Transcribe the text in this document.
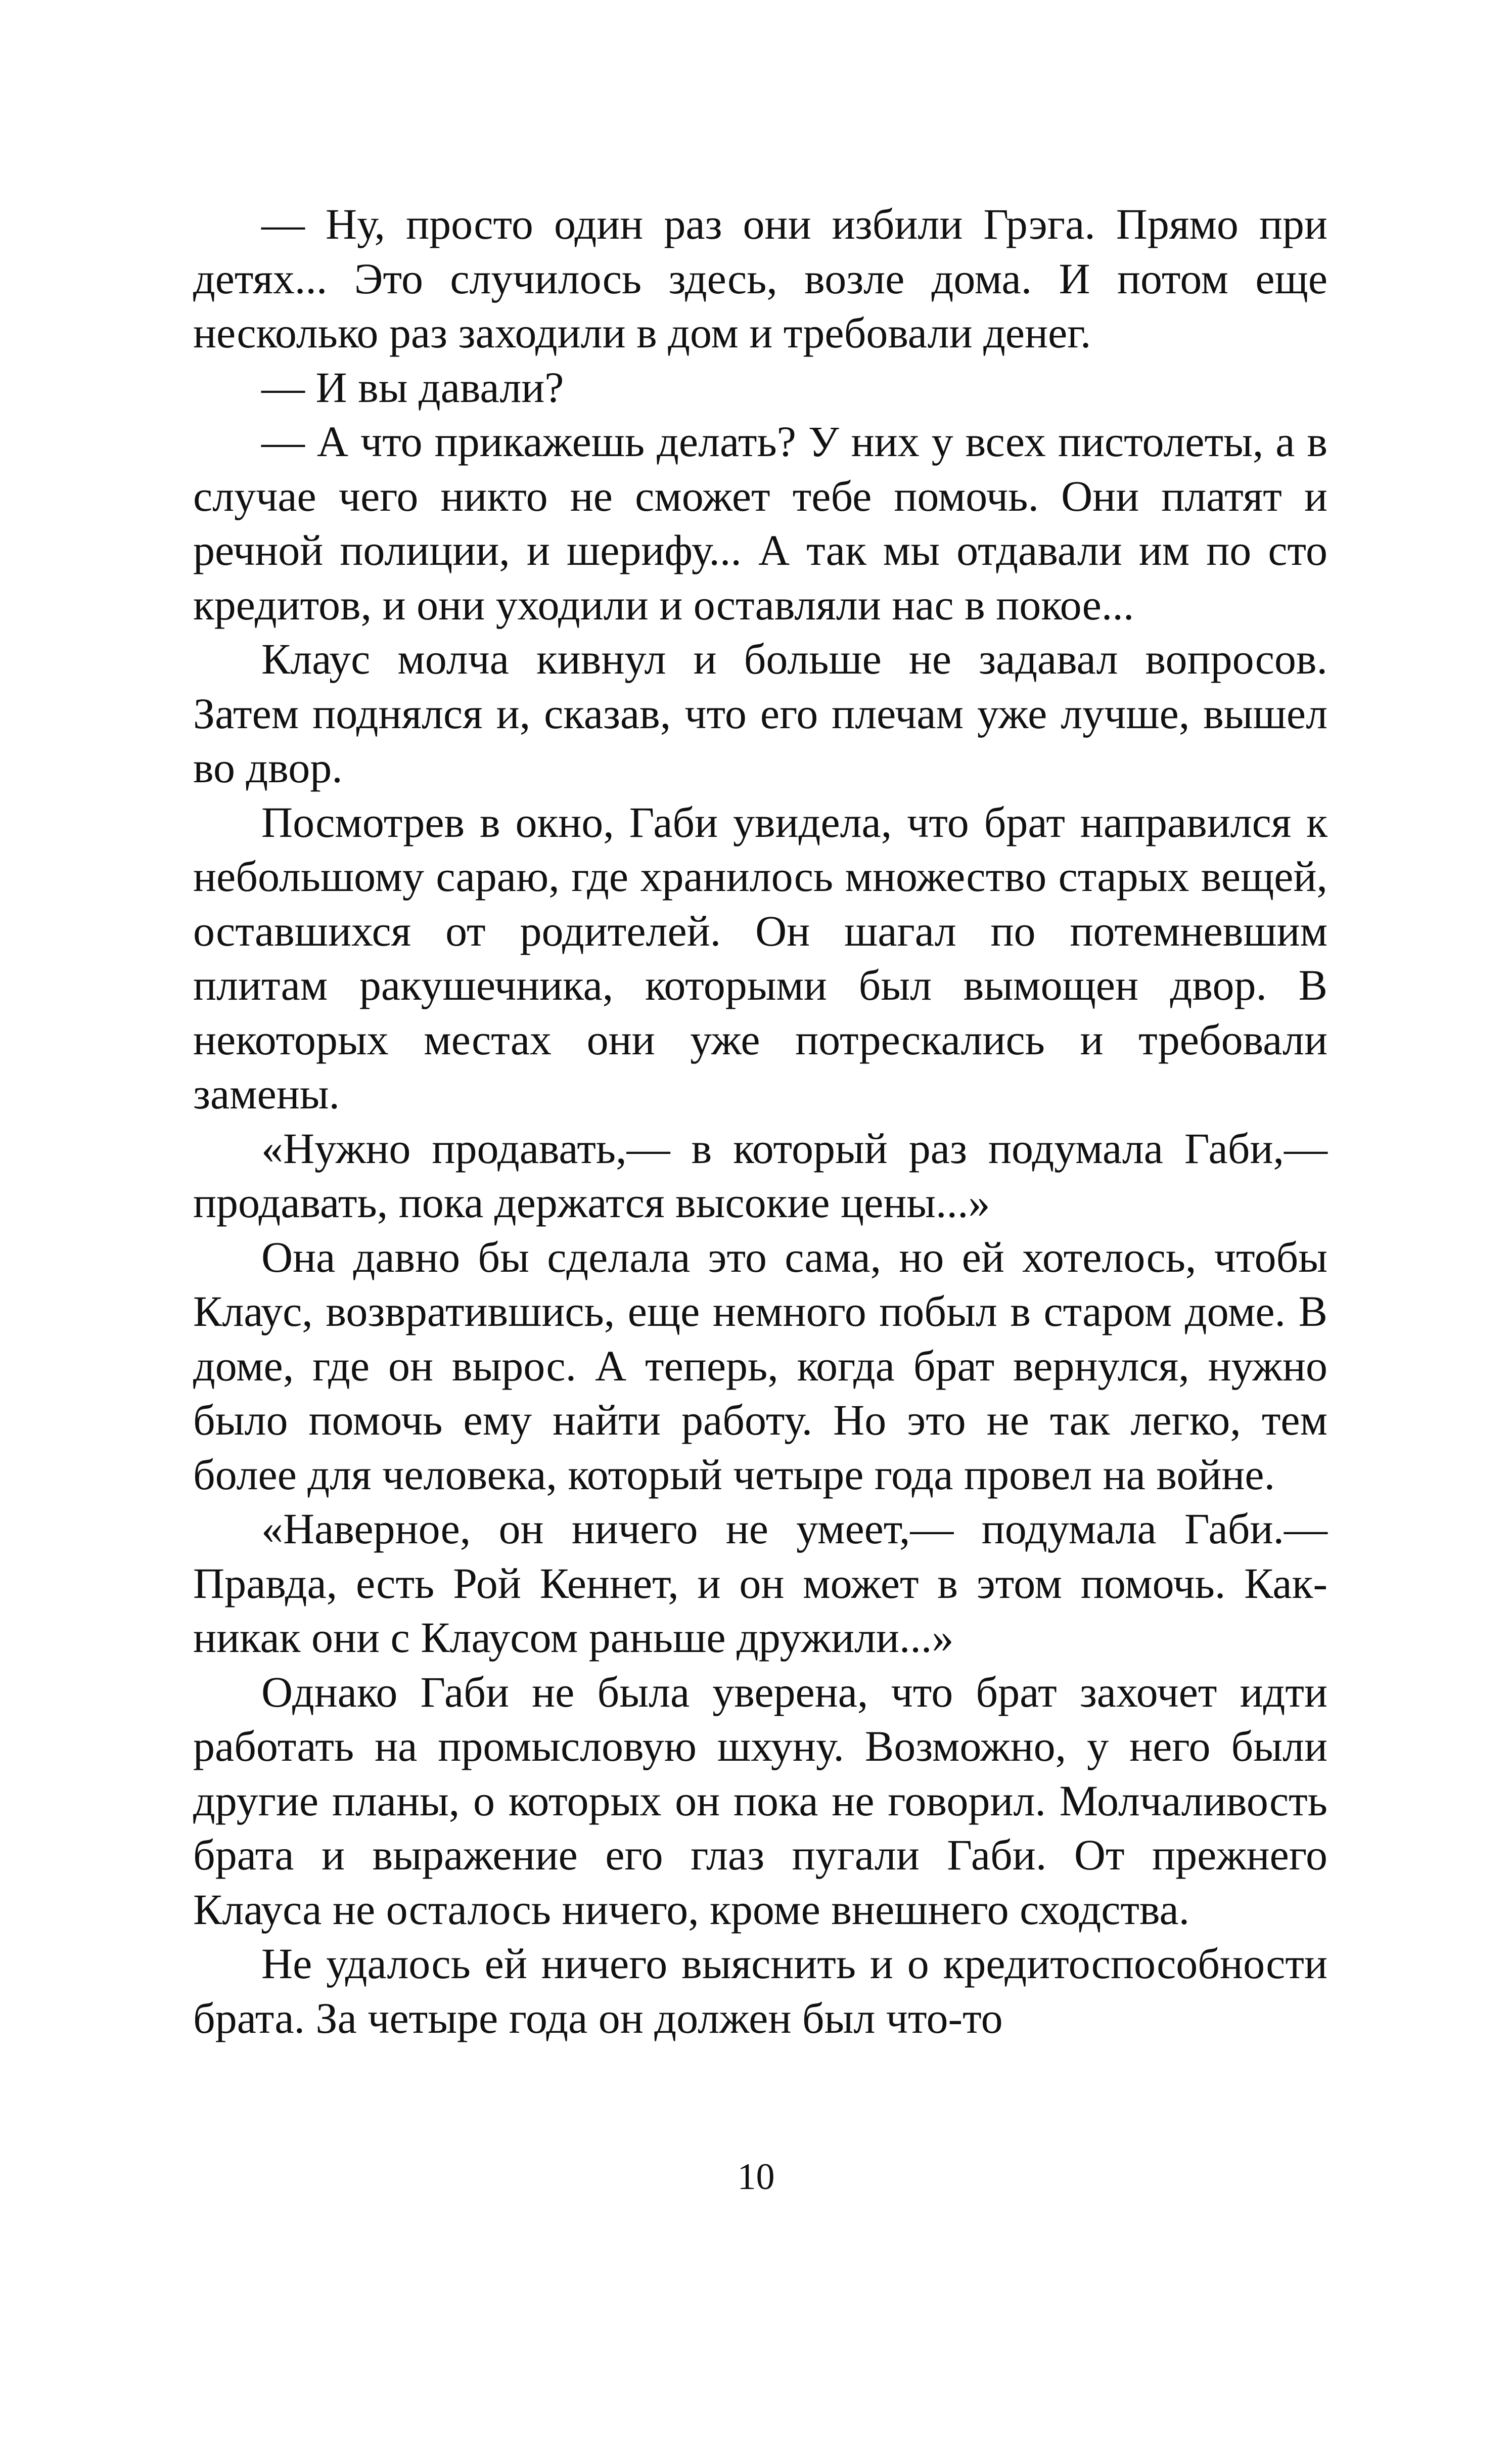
— Ну, просто один раз они избили Грэга. Прямо при детях... Это случилось здесь, возле дома. И потом еще несколько раз заходили в дом и требовали денег.

— И вы давали?

— А что прикажешь делать? У них у всех пистолеты, а в случае чего никто не сможет тебе помочь. Они платят и речной полиции, и шерифу... А так мы отдавали им по сто кредитов, и они уходили и оставляли нас в покое...

Клаус молча кивнул и больше не задавал вопросов. Затем поднялся и, сказав, что его плечам уже лучше, вышел во двор.

Посмотрев в окно, Габи увидела, что брат направился к небольшому сараю, где хранилось множество старых вещей, оставшихся от родителей. Он шагал по потемневшим плитам ракушечника, которыми был вымощен двор. В некоторых местах они уже потрескались и требовали замены.

«Нужно продавать,— в который раз подумала Габи,— продавать, пока держатся высокие цены...»

Она давно бы сделала это сама, но ей хотелось, чтобы Клаус, возвратившись, еще немного побыл в старом доме. В доме, где он вырос. А теперь, когда брат вернулся, нужно было помочь ему найти работу. Но это не так легко, тем более для человека, который четыре года провел на войне.

«Наверное, он ничего не умеет,— подумала Габи.— Правда, есть Рой Кеннет, и он может в этом помочь. Как-никак они с Клаусом раньше дружили...»

Однако Габи не была уверена, что брат захочет идти работать на промысловую шхуну. Возможно, у него были другие планы, о которых он пока не говорил. Молчаливость брата и выражение его глаз пугали Габи. От прежнего Клауса не осталось ничего, кроме внешнего сходства.

Не удалось ей ничего выяснить и о кредитоспособности брата. За четыре года он должен был что-то

10
